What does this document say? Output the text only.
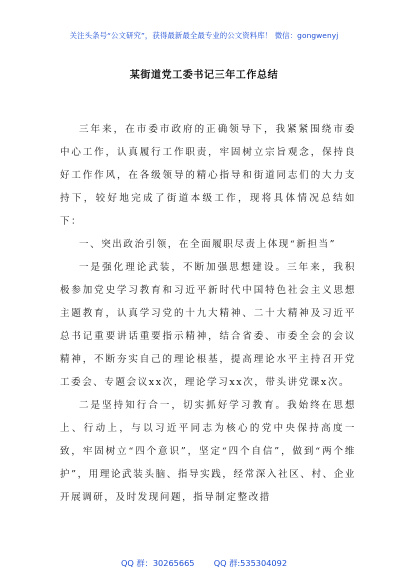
关注头条号“公文研究”，获得最新最全最专业的公文资料库！ 微信：gongwenyj
某街道党工委书记三年工作总结

三年来，在市委市政府的正确领导下，我紧紧围绕市委中心工作，认真履行工作职责，牢固树立宗旨观念，保持良好工作作风，在各级领导的精心指导和街道同志们的大力支持下，较好地完成了街道本级工作，现将具体情况总结如下：

一、突出政治引领，在全面履职尽责上体现“新担当”

一是强化理论武装，不断加强思想建设。三年来，我积极参加党史学习教育和习近平新时代中国特色社会主义思想主题教育，认真学习党的十九大精神、二十大精神及习近平总书记重要讲话重要指示精神，结合省委、市委全会的会议精神，不断夯实自己的理论根基，提高理论水平主持召开党工委会、专题会议xx次，理论学习xx次，带头讲党课x次。

二是坚持知行合一，切实抓好学习教育。我始终在思想上、行动上，与以习近平同志为核心的党中央保持高度一致，牢固树立“四个意识”，坚定“四个自信”，做到“两个维护”，用理论武装头脑、指导实践，经常深入社区、村、企业开展调研，及时发现问题，指导制定整改措

QQ 群：30265665 QQ 群:535304092
